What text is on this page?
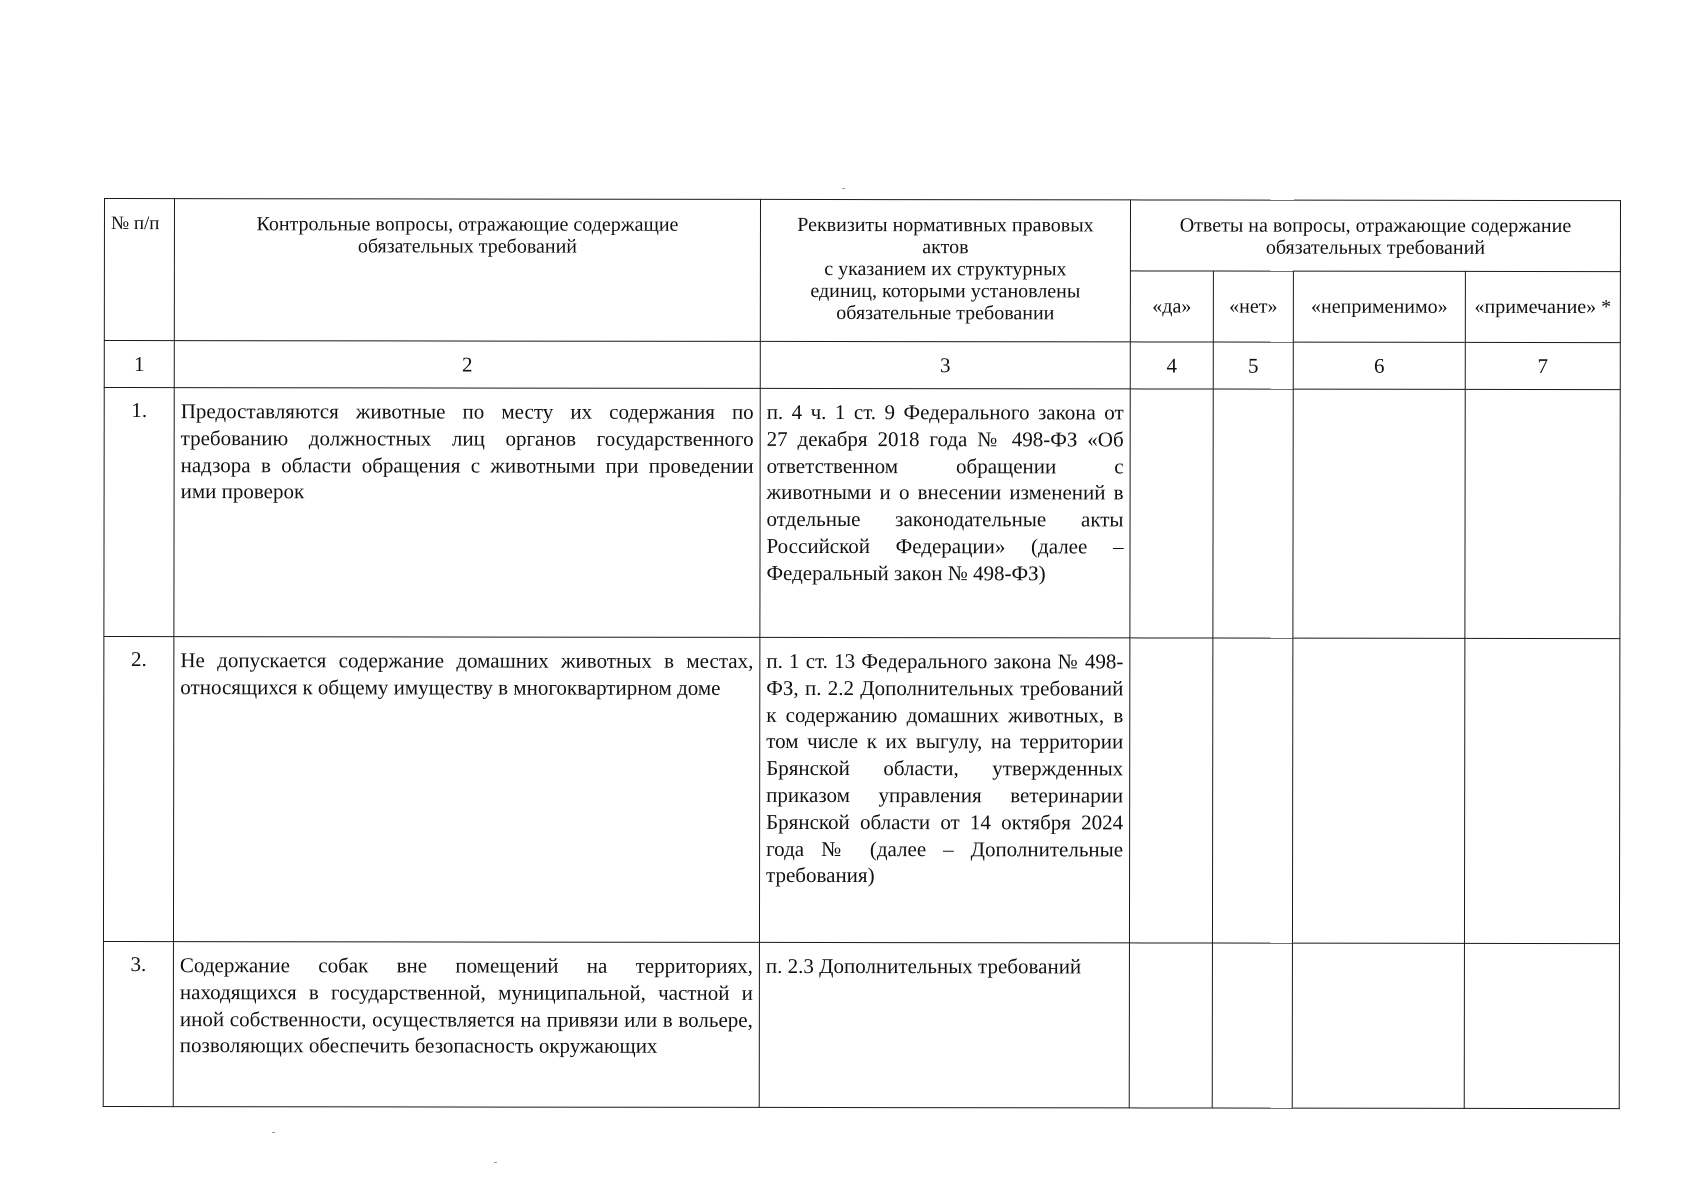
№ п/п	Контрольные вопросы, отражающие содержащие обязательных требований	Реквизиты нормативных правовых
актов
с указанием их структурных
единиц, которыми установлены
обязательные требовании	Ответы на вопросы, отражающие содержание обязательных требований			
			«да»	«нет»	«неприменимо»	«примечание» *
1	2	3	4	5	6	7
1.	Предоставляются животные по месту их содержания по требованию должностных лиц органов государственного надзора в области обращения с животными при проведении ими проверок	п. 4 ч. 1 ст. 9 Федерального закона от 27 декабря 2018 года № 498-ФЗ «Об ответственном обращении с животными и о внесении изменений в отдельные законодательные акты Российской Федерации» (далее – Федеральный закон № 498-ФЗ)				
2.	Не допускается содержание домашних животных в местах, относящихся к общему имуществу в многоквартирном доме	п. 1 ст. 13 Федерального закона № 498-ФЗ, п. 2.2 Дополнительных требований к содержанию домашних животных, в том числе к их выгулу, на территории Брянской области, утвержденных приказом управления ветеринарии Брянской области от 14 октября 2024 года № (далее – Дополнительные требования)				
3.	Содержание собак вне помещений на территориях, находящихся в государственной, муниципальной, частной и иной собственности, осуществляется на привязи или в вольере, позволяющих обеспечить безопасность окружающих	п. 2.3 Дополнительных требований				
